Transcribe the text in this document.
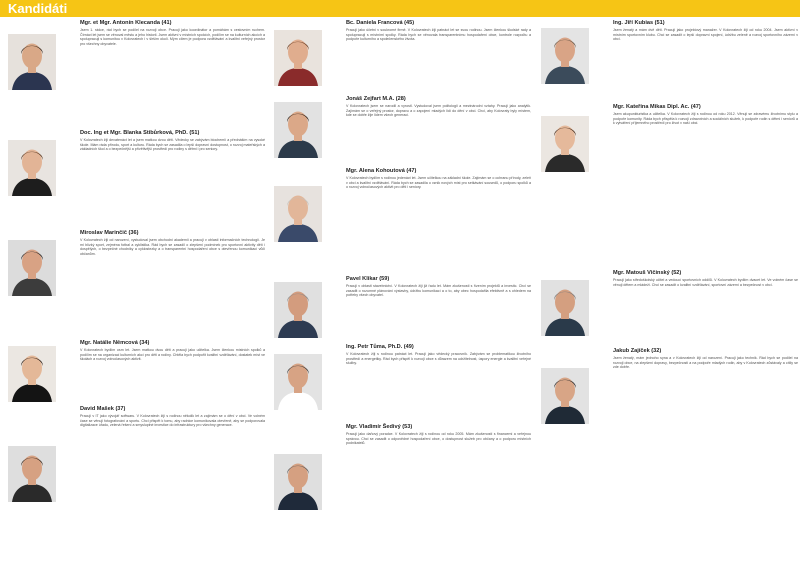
Kandidáti
Mgr. et Mgr. Antonín Klecanda (41)

Jsem 1. rádce, rád bych se podílel na rozvoji obce. Pracuji jako koordinátor a pomáhám s cestovním ruchem. Čtrnáct let jsem se věnoval městu a jeho historii. Jsem aktivní v místních spolcích, podílím se na kulturních akcích a spolupracuji s komunitou v Kolovratech i v širším okolí. Mým cílem je podpora vzdělávání a kvalitní veřejný prostor pro všechny obyvatele.

Doc. Ing et Mgr. Blanka Stibůrková, PhD. (51)

V Kolovratech žiji devatenáct let a jsem matkou dvou dětí. Vědecky se zabývám biochemií a přednáším na vysoké škole. Mám ráda přírodu, sport a kulturu. Ráda bych se zasadila o lepší dopravní dostupnost, o rozvoj mateřských a základních škol a o bezpečnější a přívětivější prostředí pro rodiny s dětmi i pro seniory.

Miroslav Marinčič (36)

V Kolovratech žiji od narození, vystudoval jsem obchodní akademii a pracuji v oblasti informačních technologií. Je mi blízký sport, zejména fotbal a cyklistika. Rád bych se zasadil o zlepšení podmínek pro sportovní aktivity dětí i dospělých, o bezpečné chodníky a cyklostezky a o transparentní hospodaření obce s otevřenou komunikací vůči občanům.

Mgr. Natálie Němcová (34)

V Kolovratech bydlím osm let. Jsem matkou dvou dětí a pracuji jako učitelka. Jsem členkou místních spolků a podílím se na organizaci kulturních akcí pro děti a rodiny. Chtěla bych podpořit kvalitní vzdělávání, dostatek míst ve školách a rozvoj volnočasových aktivit.

David Mašek (37)

Pracuji v IT jako vývojář softwaru. V Kolovratech žiji s rodinou několik let a zajímám se o dění v obci. Ve volném čase se věnuji fotografování a sportu. Chci přispět k tomu, aby radnice komunikovala otevřeně, aby se podporovala digitalizace úřadu, zelená řešení a smysluplné investice do infrastruktury pro všechny generace.

Bc. Daniela Francová (45)

Pracuji jako účetní v soukromé firmě. V Kolovratech žiji patnáct let se svou rodinou. Jsem členkou školské rady a spolupracuji s místními spolky. Ráda bych se věnovala transparentnímu hospodaření obce, kontrole rozpočtu a podpoře kulturního a společenského života.

Jonáš Zejfart M.A. (28)

V Kolovratech jsem se narodil a vyrostl. Vystudoval jsem politologii a mezinárodní vztahy. Pracuji jako analytik. Zajímám se o veřejný prostor, dopravu a o zapojení mladých lidí do dění v obci. Chci, aby Kolovraty byly místem, kde se dobře žije lidem všech generací.

Mgr. Alena Kohoutová (47)

V Kolovratech bydlím s rodinou jedenáct let. Jsem učitelkou na základní škole. Zajímám se o ochranu přírody, zeleň v obci a kvalitní vzdělávání. Ráda bych se zasadila o vznik nových míst pro setkávání sousedů, o podporu spolků a o rozvoj volnočasových aktivit pro děti i seniory.

Pavel Klikar (59)

Pracuji v oblasti stavebnictví. V Kolovratech žiji již řadu let. Mám zkušenosti s řízením projektů a investic. Chci se zasadit o rozumné plánování výstavby, údržbu komunikací a o to, aby obec hospodařila efektivně a s ohledem na potřeby všech obyvatel.

Ing. Petr Tůma, Ph.D. (49)

V Kolovratech žiji s rodinou patnáct let. Pracuji jako vědecký pracovník. Zabývám se problematikou životního prostředí a energetiky. Rád bych přispěl k rozvoji obce s důrazem na udržitelnost, úspory energie a kvalitní veřejné služby.

Mgr. Vladimír Šedivý (53)

Pracuji jako daňový poradce. V Kolovratech žiji s rodinou od roku 2005. Mám zkušenosti s financemi a veřejnou správou. Chci se zasadit o odpovědné hospodaření obce, o dostupnost služeb pro občany a o podporu místních podnikatelů.

Ing. Jiří Kubias (51)

Jsem ženatý a mám dvě děti. Pracuji jako projektový manažer. V Kolovratech žiji od roku 2004. Jsem aktivní v místním sportovním klubu. Chci se zasadit o lepší dopravní spojení, údržbu zeleně a rozvoj sportovního zázemí v obci.

Mgr. Kateřina Mikas Dipl. Ac. (47)

Jsem akupunkturistka a učitelka. V Kolovratech žiji s rodinou od roku 2012. Věnuji se zdravému životnímu stylu a podpoře komunity. Ráda bych přispěla k rozvoji zdravotních a sociálních služeb, k podpoře rodin s dětmi i seniorů a k vytváření příjemného prostředí pro život v naší obci.

Mgr. Matouš Vičinský (52)

Pracuji jako středoškolský učitel a vedoucí sportovních oddílů. V Kolovratech bydlím dvacet let. Ve volném čase se věnuji dětem a mládeži. Chci se zasadit o kvalitní vzdělávání, sportovní zázemí a bezpečnost v obci.

Jakub Zajíček (32)

Jsem ženatý, mám jednoho syna a v Kolovratech žiji od narození. Pracuji jako technik. Rád bych se podílel na rozvoji obce, na zlepšení dopravy, bezpečnosti a na podpoře mladých rodin, aby v Kolovratech zůstávaly a cítily se zde dobře.
